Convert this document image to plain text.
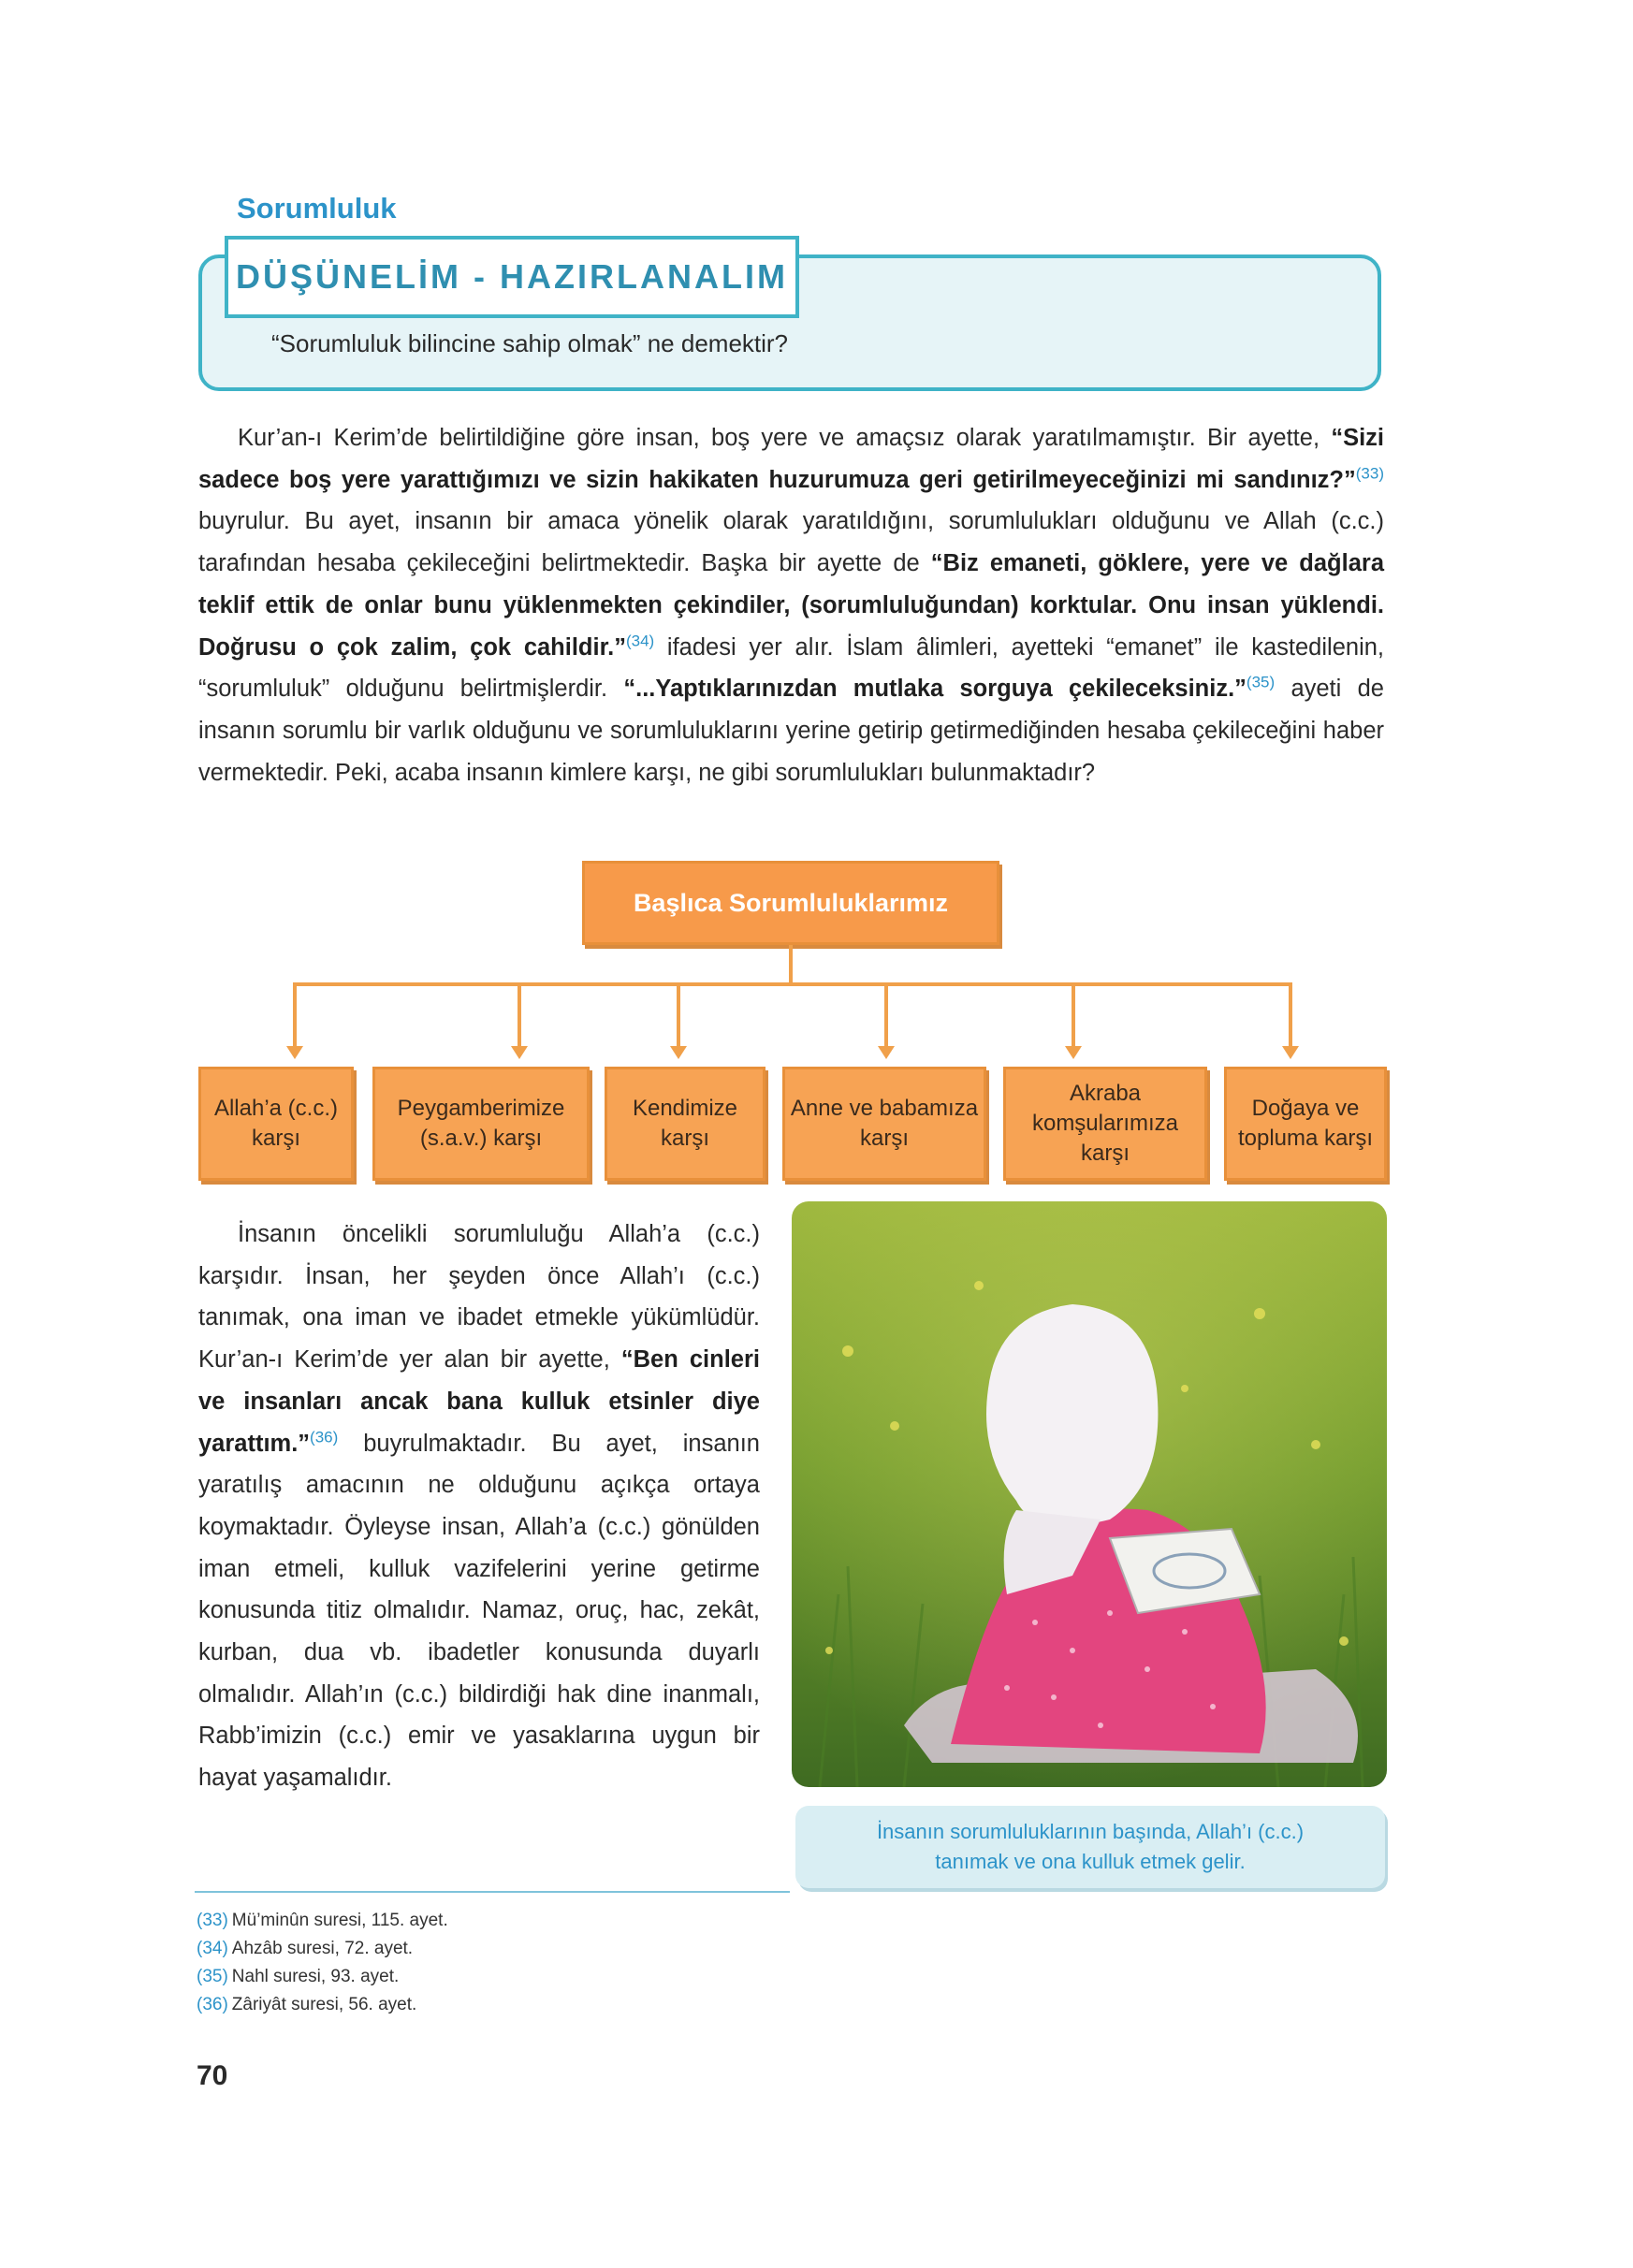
Sorumluluk
DÜŞÜNELİM - HAZIRLANALIM
“Sorumluluk bilincine sahip olmak” ne demektir?

Kur’an-ı Kerim’de belirtildiğine göre insan, boş yere ve amaçsız olarak yaratılmamıştır. Bir ayette, “Sizi sadece boş yere yarattığımızı ve sizin hakikaten huzurumuza geri getirilmeyeceğinizi mi sandınız?”$^{(33)}$ buyrulur. Bu ayet, insanın bir amaca yönelik olarak yaratıldığını, sorumlulukları olduğunu ve Allah (c.c.) tarafından hesaba çekileceğini belirtmektedir. Başka bir ayette de “Biz emaneti, göklere, yere ve dağlara teklif ettik de onlar bunu yüklenmekten çekindiler, (sorumluluğundan) korktular. Onu insan yüklendi. Doğrusu o çok zalim, çok cahildir.”$^{(34)}$ ifadesi yer alır. İslam âlimleri, ayetteki “emanet” ile kastedilenin, “sorumluluk” olduğunu belirtmişlerdir. “...Yaptıklarınızdan mutlaka sorguya çekileceksiniz.”$^{(35)}$ ayeti de insanın sorumlu bir varlık olduğunu ve sorumluluklarını yerine getirip getirmediğinden hesaba çekileceğini haber vermektedir. Peki, acaba insanın kimlere karşı, ne gibi sorumlulukları bulunmaktadır?

Başlıca Sorumluluklarımız
Allah’a (c.c.) karşı
Peygamberimize (s.a.v.) karşı
Kendimize karşı
Anne ve babamıza karşı
Akraba komşularımıza karşı
Doğaya ve topluma karşı

İnsanın öncelikli sorumluluğu Allah’a (c.c.) karşıdır. İnsan, her şeyden önce Allah’ı (c.c.) tanımak, ona iman ve ibadet etmekle yükümlüdür. Kur’an-ı Kerim’de yer alan bir ayette, “Ben cinleri ve insanları ancak bana kulluk etsinler diye yarattım.”$^{(36)}$ buyrulmaktadır. Bu ayet, insanın yaratılış amacının ne olduğunu açıkça ortaya koymaktadır. Öyleyse insan, Allah’a (c.c.) gönülden iman etmeli, kulluk vazifelerini yerine getirme konusunda titiz olmalıdır. Namaz, oruç, hac, zekât, kurban, dua vb. ibadetler konusunda duyarlı olmalıdır. Allah’ın (c.c.) bildirdiği hak dine inanmalı, Rabb’imizin (c.c.) emir ve yasaklarına uygun bir hayat yaşamalıdır.

İnsanın sorumluluklarının başında, Allah’ı (c.c.)
tanımak ve ona kulluk etmek gelir.
(33) Mü’minûn suresi, 115. ayet.
(34) Ahzâb suresi, 72. ayet.
(35) Nahl suresi, 93. ayet.
(36) Zâriyât suresi, 56. ayet.
70
